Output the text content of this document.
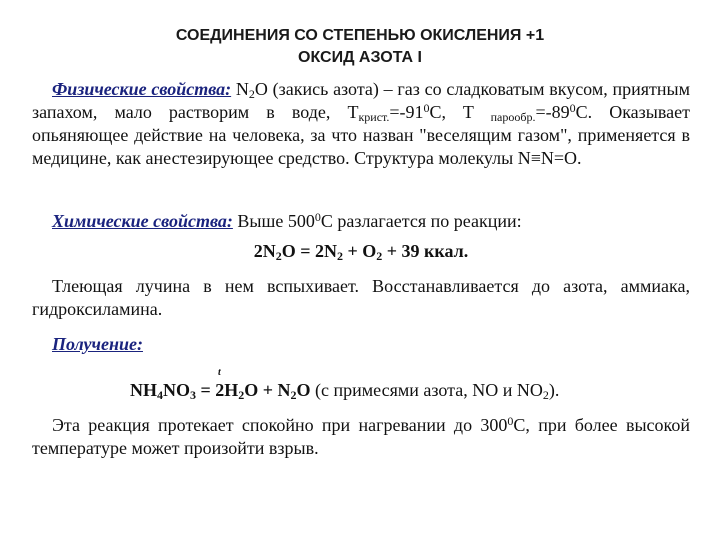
СОЕДИНЕНИЯ СО СТЕПЕНЬЮ ОКИСЛЕНИЯ +1
ОКСИД АЗОТА I

Физические свойства: $N_2O$ (закись азота) – газ со сладковатым вкусом, приятным запахом, мало растворим в воде, $T_{крист.}=-91^0C$, T $_{парообр.}=-89^0C$. Оказывает опьяняющее действие на человека, за что назван "веселящим газом", применяется в медицине, как анестезирующее средство. Структура молекулы N≡N=O.

Химические свойства: Выше $500^0C$ разлагается по реакции:

$2N_2O = 2N_2 + O_2 + 39$ ккал.

Тлеющая лучина в нем вспыхивает. Восстанавливается до азота, аммиака, гидроксиламина.

Получение:

t

$NH_4NO_3 = 2H_2O + N_2O$ (с примесями азота, NO и $NO_2$).

Эта реакция протекает спокойно при нагревании до $300^0C$, при более высокой температуре может произойти взрыв.
